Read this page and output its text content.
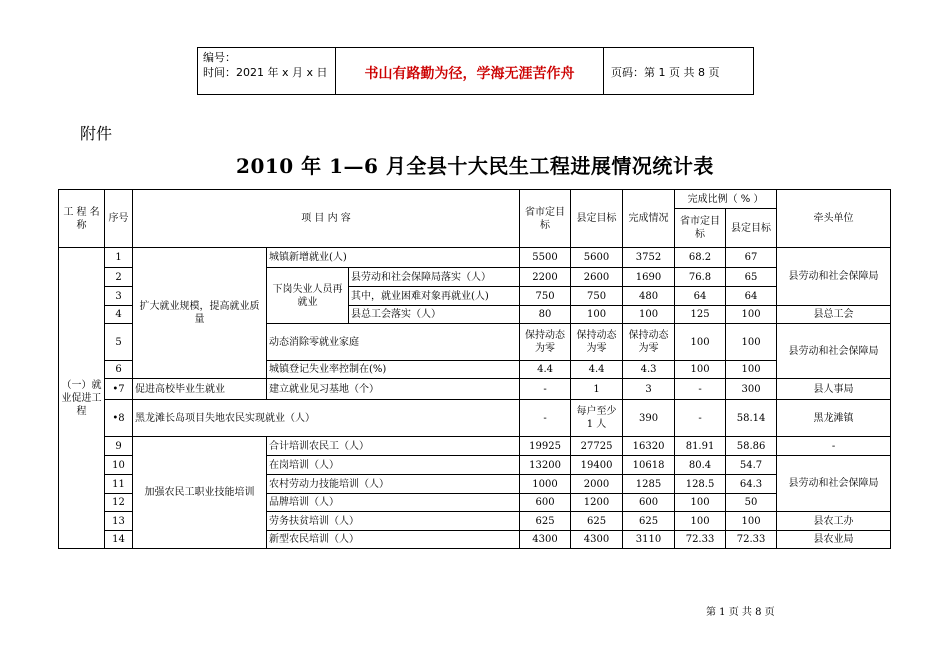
编号：
时间：2021 年 x 月 x 日	书山有路勤为径，学海无涯苦作舟	页码：第 1 页 共 8 页
附件
2010 年 1—6 月全县十大民生工程进展情况统计表
工 程 名 称	序号	项 目 内 容			省市定目标	县定目标	完成情况	完成比例（ % ）		牵头单位
								省市定目标	县定目标	
（一）就业促进工程	1	扩大就业规模，提高就业质量	城镇新增就业(人)		5500	5600	3752	68.2	67	县劳动和社会保障局
	2		下岗失业人员再就业	县劳动和社会保障局落实（人）	2200	2600	1690	76.8	65	
	3			其中，就业困难对象再就业(人)	750	750	480	64	64	
	4			县总工会落实（人）	80	100	100	125	100	县总工会
	5		动态消除零就业家庭		保持动态为零	保持动态为零	保持动态为零	100	100	县劳动和社会保障局
	6		城镇登记失业率控制在(%)		4.4	4.4	4.3	100	100	
	•7	促进高校毕业生就业	建立就业见习基地（个）		-	1	3	-	300	县人事局
	•8	黑龙滩长岛项目失地农民实现就业（人）			-	每户至少 1 人	390	-	58.14	黑龙滩镇
	9	加强农民工职业技能培训	合计培训农民工（人）		19925	27725	16320	81.91	58.86	-
	10		在岗培训（人）		13200	19400	10618	80.4	54.7	县劳动和社会保障局
	11		农村劳动力技能培训（人）		1000	2000	1285	128.5	64.3	
	12		品牌培训（人）		600	1200	600	100	50	
	13		劳务扶贫培训（人）		625	625	625	100	100	县农工办
	14		新型农民培训（人）		4300	4300	3110	72.33	72.33	县农业局
第 1 页 共 8 页
